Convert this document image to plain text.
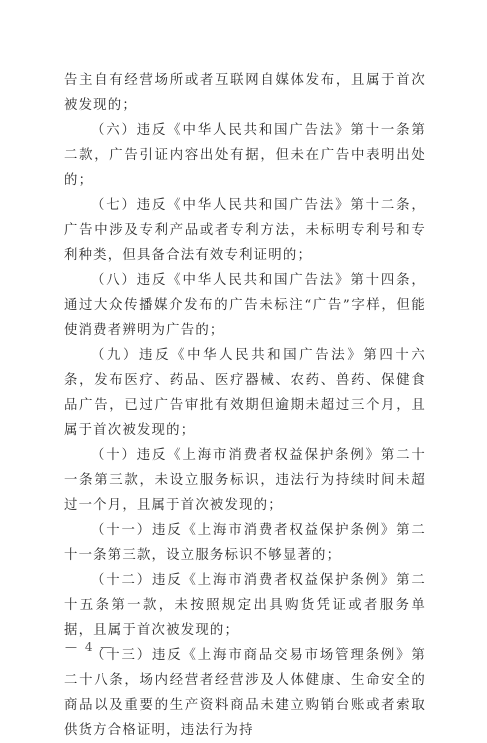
告主自有经营场所或者互联网自媒体发布，且属于首次被发现的；

（六）违反《中华人民共和国广告法》第十一条第二款，广告引证内容出处有据，但未在广告中表明出处的；

（七）违反《中华人民共和国广告法》第十二条，广告中涉及专利产品或者专利方法，未标明专利号和专利种类，但具备合法有效专利证明的；

（八）违反《中华人民共和国广告法》第十四条，通过大众传播媒介发布的广告未标注“广告”字样，但能使消费者辨明为广告的；

（九）违反《中华人民共和国广告法》第四十六条，发布医疗、药品、医疗器械、农药、兽药、保健食品广告，已过广告审批有效期但逾期未超过三个月，且属于首次被发现的；

（十）违反《上海市消费者权益保护条例》第二十一条第三款，未设立服务标识，违法行为持续时间未超过一个月，且属于首次被发现的；

（十一）违反《上海市消费者权益保护条例》第二十一条第三款，设立服务标识不够显著的；

（十二）违反《上海市消费者权益保护条例》第二十五条第一款，未按照规定出具购货凭证或者服务单据，且属于首次被发现的；

（十三）违反《上海市商品交易市场管理条例》第二十八条，场内经营者经营涉及人体健康、生命安全的商品以及重要的生产资料商品未建立购销台账或者索取供货方合格证明，违法行为持

— 4 —
